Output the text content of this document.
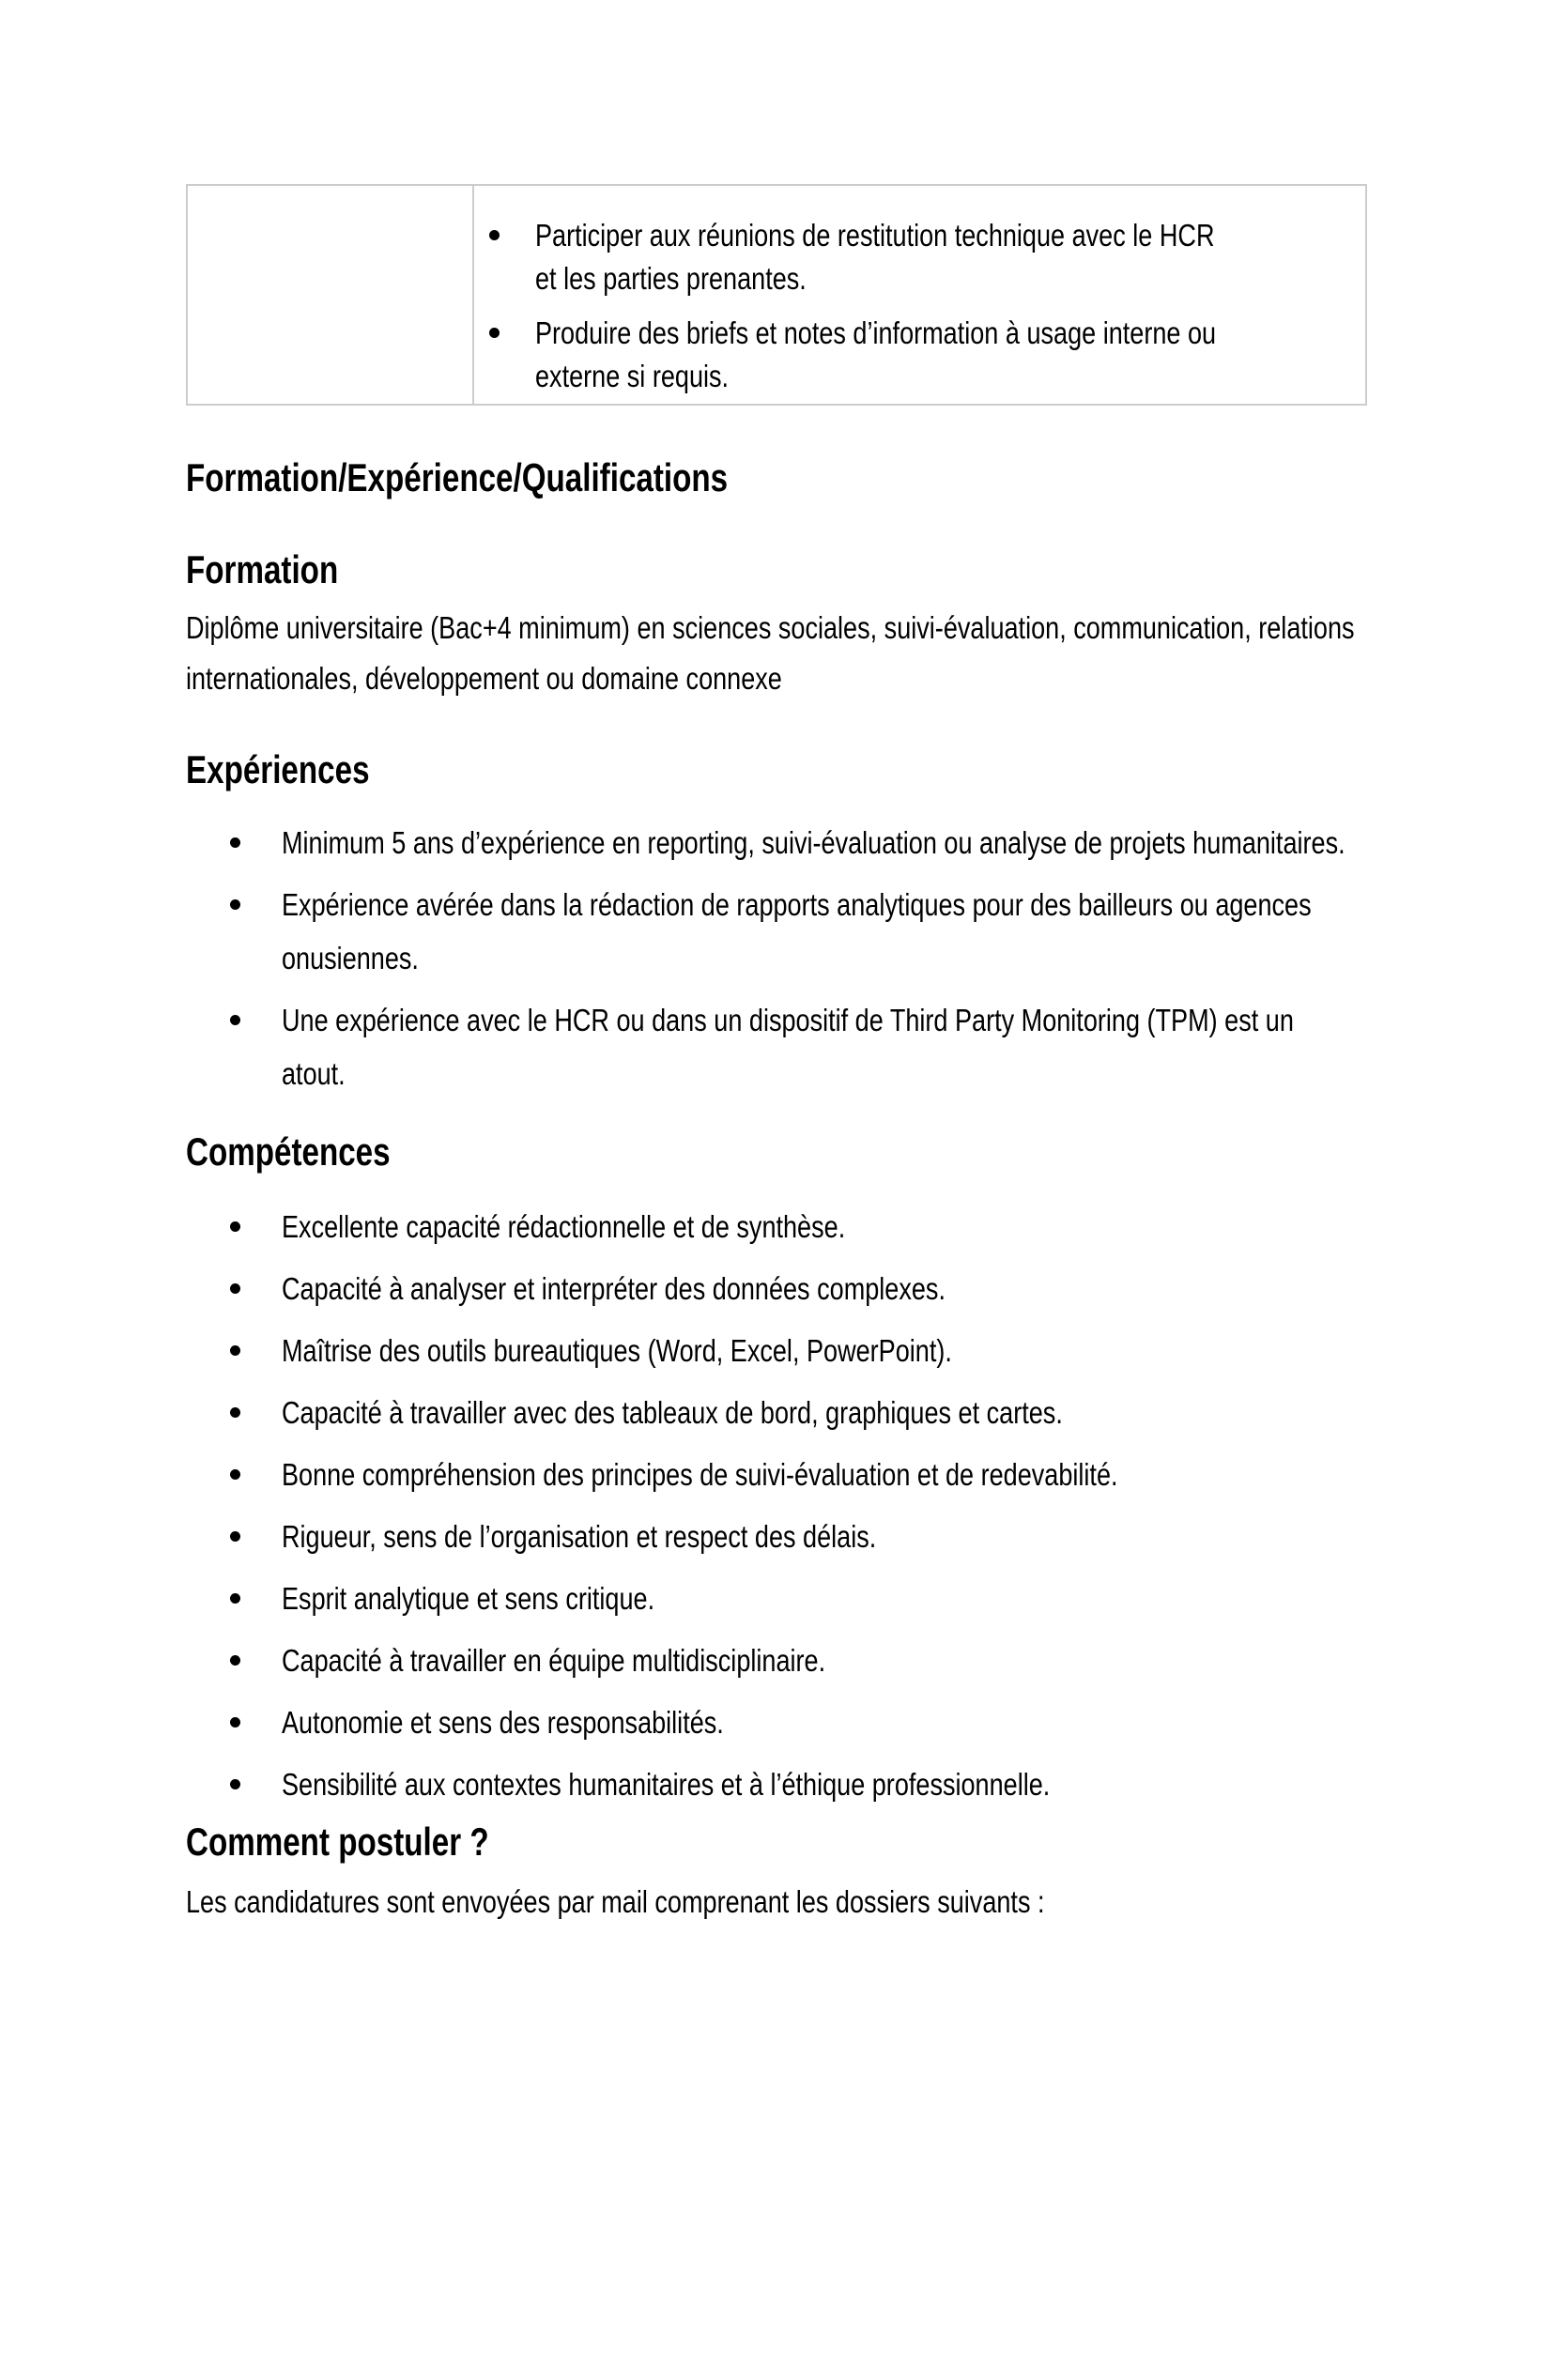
Participer aux réunions de restitution technique avec le HCR
et les parties prenantes.
Produire des briefs et notes d’information à usage interne ou
externe si requis.
Formation/Expérience/Qualifications
Formation
Diplôme universitaire (Bac+4 minimum) en sciences sociales, suivi-évaluation, communication, relations
internationales, développement ou domaine connexe
Expériences
Minimum 5 ans d’expérience en reporting, suivi-évaluation ou analyse de projets humanitaires.
Expérience avérée dans la rédaction de rapports analytiques pour des bailleurs ou agences
onusiennes.
Une expérience avec le HCR ou dans un dispositif de Third Party Monitoring (TPM) est un
atout.
Compétences
Excellente capacité rédactionnelle et de synthèse.
Capacité à analyser et interpréter des données complexes.
Maîtrise des outils bureautiques (Word, Excel, PowerPoint).
Capacité à travailler avec des tableaux de bord, graphiques et cartes.
Bonne compréhension des principes de suivi-évaluation et de redevabilité.
Rigueur, sens de l’organisation et respect des délais.
Esprit analytique et sens critique.
Capacité à travailler en équipe multidisciplinaire.
Autonomie et sens des responsabilités.
Sensibilité aux contextes humanitaires et à l’éthique professionnelle.
Comment postuler ?
Les candidatures sont envoyées par mail comprenant les dossiers suivants :
